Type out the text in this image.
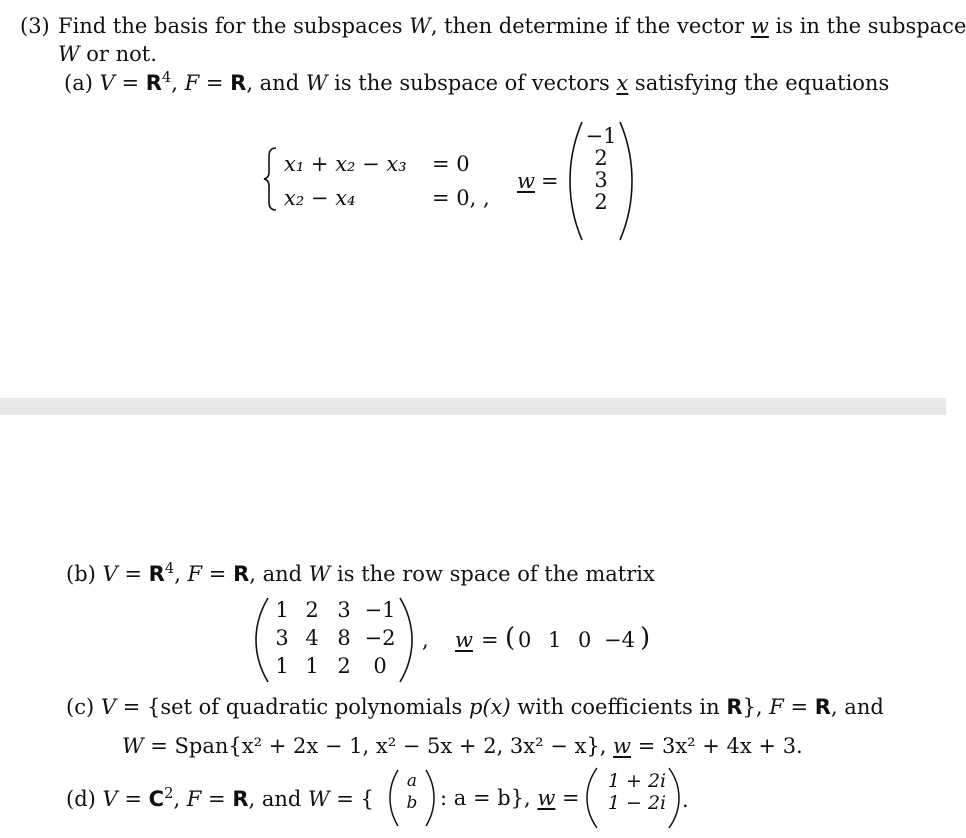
(3) Find the basis for the subspaces W, then determine if the vector w is in the subspace
W or not.
(a) $V = R^4$, F = R, and W is the subspace of vectors x satisfying the equations
x₁ + x₂ − x₃ = 0
x₂ − x₄	= 0, ,
w =
−1
2
3
2
(b) $V = R^4$, F = R, and W is the row space of the matrix
1 2 3 −1
3 4 8 −2
1 1 2	0
, w = ( 0 1 0 −4 )
(c) V = {set of quadratic polynomials p(x) with coefficients in R}, F = R, and
W = Span{x² + 2x − 1, x² − 5x + 2, 3x² − x}, w = 3x² + 4x + 3.
(d) $V = C^2$, F = R, and W = {
a
b	: a = b}, w =
1 + 2i
1 − 2i .
